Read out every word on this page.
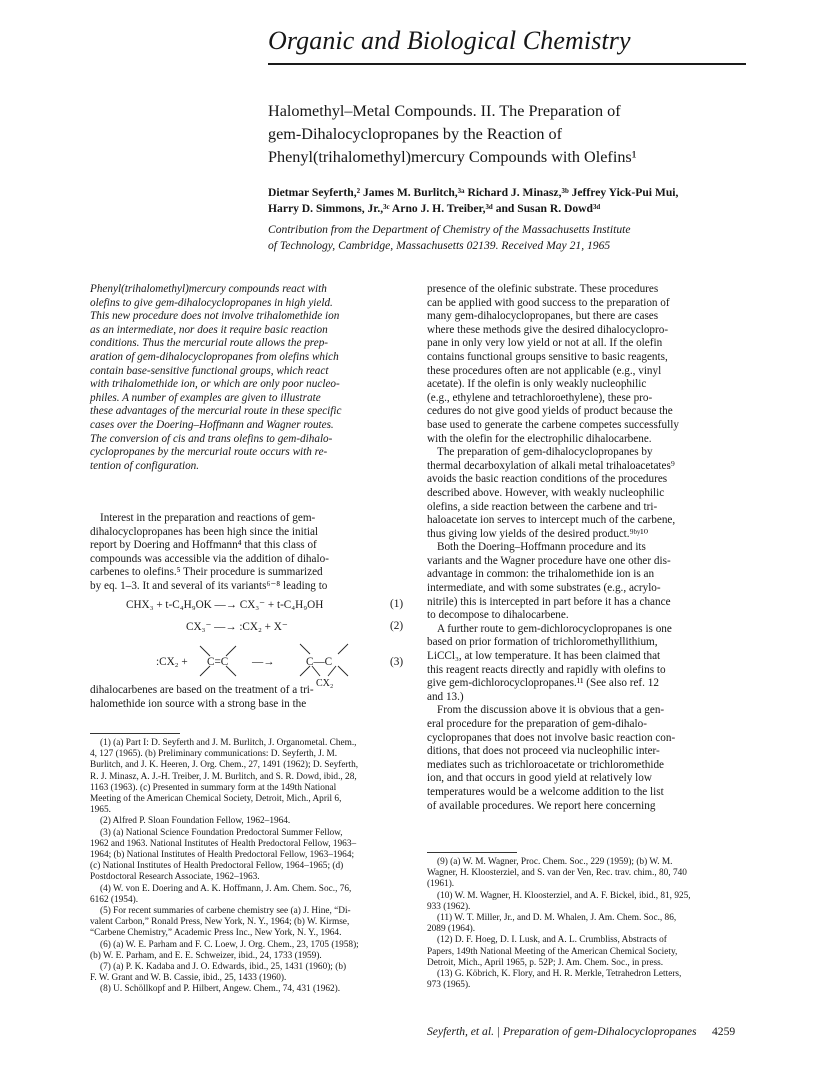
Organic and Biological Chemistry
Halomethyl–Metal Compounds. II. The Preparation of
gem-Dihalocyclopropanes by the Reaction of
Phenyl(trihalomethyl)mercury Compounds with Olefins¹
Dietmar Seyferth,² James M. Burlitch,³ᵃ Richard J. Minasz,³ᵇ Jeffrey Yick-Pui Mui,
Harry D. Simmons, Jr.,³ᶜ Arno J. H. Treiber,³ᵈ and Susan R. Dowd³ᵈ
Contribution from the Department of Chemistry of the Massachusetts Institute
of Technology, Cambridge, Massachusetts 02139. Received May 21, 1965
Phenyl(trihalomethyl)mercury compounds react with
olefins to give gem-dihalocyclopropanes in high yield.
This new procedure does not involve trihalomethide ion
as an intermediate, nor does it require basic reaction
conditions. Thus the mercurial route allows the prep-
aration of gem-dihalocyclopropanes from olefins which
contain base-sensitive functional groups, which react
with trihalomethide ion, or which are only poor nucleo-
philes. A number of examples are given to illustrate
these advantages of the mercurial route in these specific
cases over the Doering–Hoffmann and Wagner routes.
The conversion of cis and trans olefins to gem-dihalo-
cyclopropanes by the mercurial route occurs with re-
tention of configuration.
Interest in the preparation and reactions of gem-
dihalocyclopropanes has been high since the initial
report by Doering and Hoffmann⁴ that this class of
compounds was accessible via the addition of dihalo-
carbenes to olefins.⁵ Their procedure is summarized
by eq. 1–3. It and several of its variants⁶⁻⁸ leading to
CHX₃ + t-C₄H₉OK —→ CX₃⁻ + t-C₄H₉OH	(1)
CX₃⁻ —→ :CX₂ + X⁻	(2)
:CX₂ + C=C —→	C—C
CX₂
(3)
dihalocarbenes are based on the treatment of a tri-
halomethide ion source with a strong base in the
(1) (a) Part I: D. Seyferth and J. M. Burlitch, J. Organometal. Chem.,
4, 127 (1965). (b) Preliminary communications: D. Seyferth, J. M.
Burlitch, and J. K. Heeren, J. Org. Chem., 27, 1491 (1962); D. Seyferth,
R. J. Minasz, A. J.-H. Treiber, J. M. Burlitch, and S. R. Dowd, ibid., 28,
1163 (1963). (c) Presented in summary form at the 149th National
Meeting of the American Chemical Society, Detroit, Mich., April 6,
1965.
(2) Alfred P. Sloan Foundation Fellow, 1962–1964.
(3) (a) National Science Foundation Predoctoral Summer Fellow,
1962 and 1963. National Institutes of Health Predoctoral Fellow, 1963–
1964; (b) National Institutes of Health Predoctoral Fellow, 1963–1964;
(c) National Institutes of Health Predoctoral Fellow, 1964–1965; (d)
Postdoctoral Research Associate, 1962–1963.
(4) W. von E. Doering and A. K. Hoffmann, J. Am. Chem. Soc., 76,
6162 (1954).
(5) For recent summaries of carbene chemistry see (a) J. Hine, “Di-
valent Carbon,” Ronald Press, New York, N. Y., 1964; (b) W. Kirmse,
“Carbene Chemistry,” Academic Press Inc., New York, N. Y., 1964.
(6) (a) W. E. Parham and F. C. Loew, J. Org. Chem., 23, 1705 (1958);
(b) W. E. Parham, and E. E. Schweizer, ibid., 24, 1733 (1959).
(7) (a) P. K. Kadaba and J. O. Edwards, ibid., 25, 1431 (1960); (b)
F. W. Grant and W. B. Cassie, ibid., 25, 1433 (1960).
(8) U. Schöllkopf and P. Hilbert, Angew. Chem., 74, 431 (1962).
presence of the olefinic substrate. These procedures
can be applied with good success to the preparation of
many gem-dihalocyclopropanes, but there are cases
where these methods give the desired dihalocyclopro-
pane in only very low yield or not at all. If the olefin
contains functional groups sensitive to basic reagents,
these procedures often are not applicable (e.g., vinyl
acetate). If the olefin is only weakly nucleophilic
(e.g., ethylene and tetrachloroethylene), these pro-
cedures do not give good yields of product because the
base used to generate the carbene competes successfully
with the olefin for the electrophilic dihalocarbene.
The preparation of gem-dihalocyclopropanes by
thermal decarboxylation of alkali metal trihaloacetates⁹
avoids the basic reaction conditions of the procedures
described above. However, with weakly nucleophilic
olefins, a side reaction between the carbene and tri-
haloacetate ion serves to intercept much of the carbene,
thus giving low yields of the desired product.⁹ᵇʸ¹⁰
Both the Doering–Hoffmann procedure and its
variants and the Wagner procedure have one other dis-
advantage in common: the trihalomethide ion is an
intermediate, and with some substrates (e.g., acrylo-
nitrile) this is intercepted in part before it has a chance
to decompose to dihalocarbene.
A further route to gem-dichlorocyclopropanes is one
based on prior formation of trichloromethyllithium,
LiCCl₃, at low temperature. It has been claimed that
this reagent reacts directly and rapidly with olefins to
give gem-dichlorocyclopropanes.¹¹ (See also ref. 12
and 13.)
From the discussion above it is obvious that a gen-
eral procedure for the preparation of gem-dihalo-
cyclopropanes that does not involve basic reaction con-
ditions, that does not proceed via nucleophilic inter-
mediates such as trichloroacetate or trichloromethide
ion, and that occurs in good yield at relatively low
temperatures would be a welcome addition to the list
of available procedures. We report here concerning
(9) (a) W. M. Wagner, Proc. Chem. Soc., 229 (1959); (b) W. M.
Wagner, H. Kloosterziel, and S. van der Ven, Rec. trav. chim., 80, 740
(1961).
(10) W. M. Wagner, H. Kloosterziel, and A. F. Bickel, ibid., 81, 925,
933 (1962).
(11) W. T. Miller, Jr., and D. M. Whalen, J. Am. Chem. Soc., 86,
2089 (1964).
(12) D. F. Hoeg, D. I. Lusk, and A. L. Crumbliss, Abstracts of
Papers, 149th National Meeting of the American Chemical Society,
Detroit, Mich., April 1965, p. 52P; J. Am. Chem. Soc., in press.
(13) G. Köbrich, K. Flory, and H. R. Merkle, Tetrahedron Letters,
973 (1965).
Seyferth, et al. | Preparation of gem-Dihalocyclopropanes 4259
